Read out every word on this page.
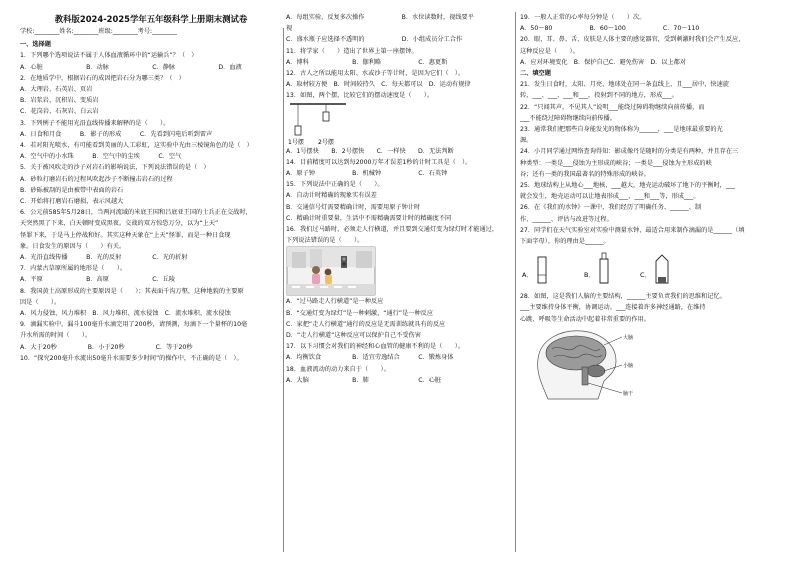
教科版2024-2025学年五年级科学上册期末测试卷
学校:________姓名:________班级:________考号:________
一、选择题
1．下列哪个选项说法不属于人体血液循环中的“运输兵”？（　）
A．心脏　　　　　　　B．动脉　　　　　　　C．静脉　　　　　　　D．血液
2．在地质学中，根据岩石的成因把岩石分为哪三类？（　）
A．大理岩、石英岩、页岩
B．岩浆岩、沉积岩、变质岩
C．花岗岩、石灰岩、白云岩
3．下列例子不能用光沿直线传播来解释的是（　　）。
A．日食和月食　　　B．影子的形成　　　C．先看到闪电后听到雷声
4．若对阳光喷水，有可能看到美丽的人工彩虹，这实验中光由三棱镜角色的是（　）
A．空气中的小水珠　　　B．空气中的尘埃　　　C．空气
5．关于被风吹走的沙子对岩石的影响说法，下列说法错误的是（　）
A．砂粒打磨岩石的过程风吹起沙子不断撞击岩石的过程
B．砂砾被刮的是由被带中表面的岩石
C．开始将打磨岩石磨损，表示风越大
6．公元前585年5月28日，当两河流域的米底王国和吕底亚王国的士兵正在交战时，
天突然黑了下来，白天顿时变成黑夜。交战的双方惊恐万分，以为“上天”
怪罪下来，于是马上停战和好。其实这种天象在“上天”怪罪，而是一种日食现
象。日食发生的原因与（　　）有关。
A．光沿直线传播　　　B．光的反射　　　　　C．光的折射
7．内蒙古草原所属的地形是（　　）。
A．平原　　　　　　　B．高原　　　　　　　C．丘陵
8．我国黄土高原形成的主要原因是（　　）；其表面千沟万壑，这种地貌的主要原
因是（　　）。
A．风力侵蚀、风力堆积　B．风力堆积、流水侵蚀　C．流水堆积、流水侵蚀
9．滴漏实验中，漏斗100毫升水滴完用了200秒，请预测，每滴下一个量杯的10毫
升水所需的时间（　　）。
A．大于20秒　　　　　B．小于20秒　　　　　C．等于20秒
10．“探究200毫升水流出50毫升水需要多少时间”的操作中，不正确的是（　）。
A．每组实验，反复多次操作　　　　　　B．水位读数时，视线要平
视
C．盛水瓶子应选择不透明的　　　　　　D．小组成员分工合作
11．将学家（　　）造出了世界上第一座摆钟。
A．博科　　　　　　　B．伽利略　　　　　　C．惠更斯
12．古人之所以能用太阳、水或沙子等计时，是因为它们（　）。
A．取材较方便　B．时间较持久　C．每天都可以　D．运动有规律
13．如图，两个摆，比较它们的摆动速度是（　　）。
1号摆 2号摆
A．1号摆快　　B．2号摆快　　C．一样快　　D．无法判断
14．目前精度可以达到每2000万年才误差1秒的计时工具是（　）。
A．原子钟　　　　　　B．机械钟　　　　　　C．石英钟
15．下列说法中正确的是（　　）。
A．自动计时精确的现象实有误差
B．交通信号灯需要精确计时，需要用原子钟计时
C．精确计时重要量，生活中不需精确需要计时的精确度不同
16．我们过马路时，必须走人行横道，并且要到交通灯变为绿灯时才能通过，
下列说法错误的是（　　）。
A．“过马路走人行横道”是一种反应
B．“交通灯变为绿灯”是一种刺激，“通行”是一种反应
C．家把“走人行横道”通行的反应是无需训练就具有的反应
D．“走人行横道”这种反应可以保护自己不受伤害
17．以下习惯会对我们的神经和心血管的健康不利的是（　　）。
A．均衡饮食　　　　　B．适宜劳逸结合　　　C．锻炼身体
18．血液流动的动力来自于（　　）。
A．大脑　　　　　　　B．肺　　　　　　　　C．心脏
19．一般人正常的心率每分钟是（　　）次。
A．50～80　　　　　　B．60～100　　　　　　C．70～110
20．眼、耳、鼻、舌、皮肤是人体主要的感觉器官，受到刺激时我们会产生反应，
这种反应是（　　）。
A．应对环境变化　B．保护自己C．避免伤害　D．以上都对
二、填空题
21．发生日食时，太阳、月亮、地球处在同一条直线上，且___居中，快速旋
转，___、___、___和___，投射到不同的地方，形成___。
22．“只闻其声，不见其人”说明___能绕过障碍物继续向前传播，而
___不能绕过障碍物继续向前传播。
23．通常我们把那些自身能发光的物体称为______，___是地球最重要的光
源。
24．小月同学通过网络查询得知：影成像丹是随时的分类是有两种，并且存在三
种类型：一类是___侵蚀为主形成的峡谷；一类是___侵蚀为主形成的峡
谷；还有一类的我国最著名的特殊形成的峡谷。
25．地球结构上从地心___地核，___越大，地壳运动破坏了地下的平衡时，___
就会发生，地壳运动可以让地表形成___、___和___等，形成___。
26．在《我们的水钟》一课中，我们经历了明确任务、______、制
作、______、评估与改进等过程。
27．同学们在天气实验室对实验中测量水钟，最适合用来制作滴漏的是______（填
下面字母），你的理由是______。
A．	B．	C．
28．如图，这是我们人脑的主要结构，______主要负责我们的思维和记忆。
___主要维持身体平衡，协调运动。___连接着许多神经通路，在维持
心跳、呼吸等生命活动中起着非常重要的作用。
大脑
小脑
脑干
